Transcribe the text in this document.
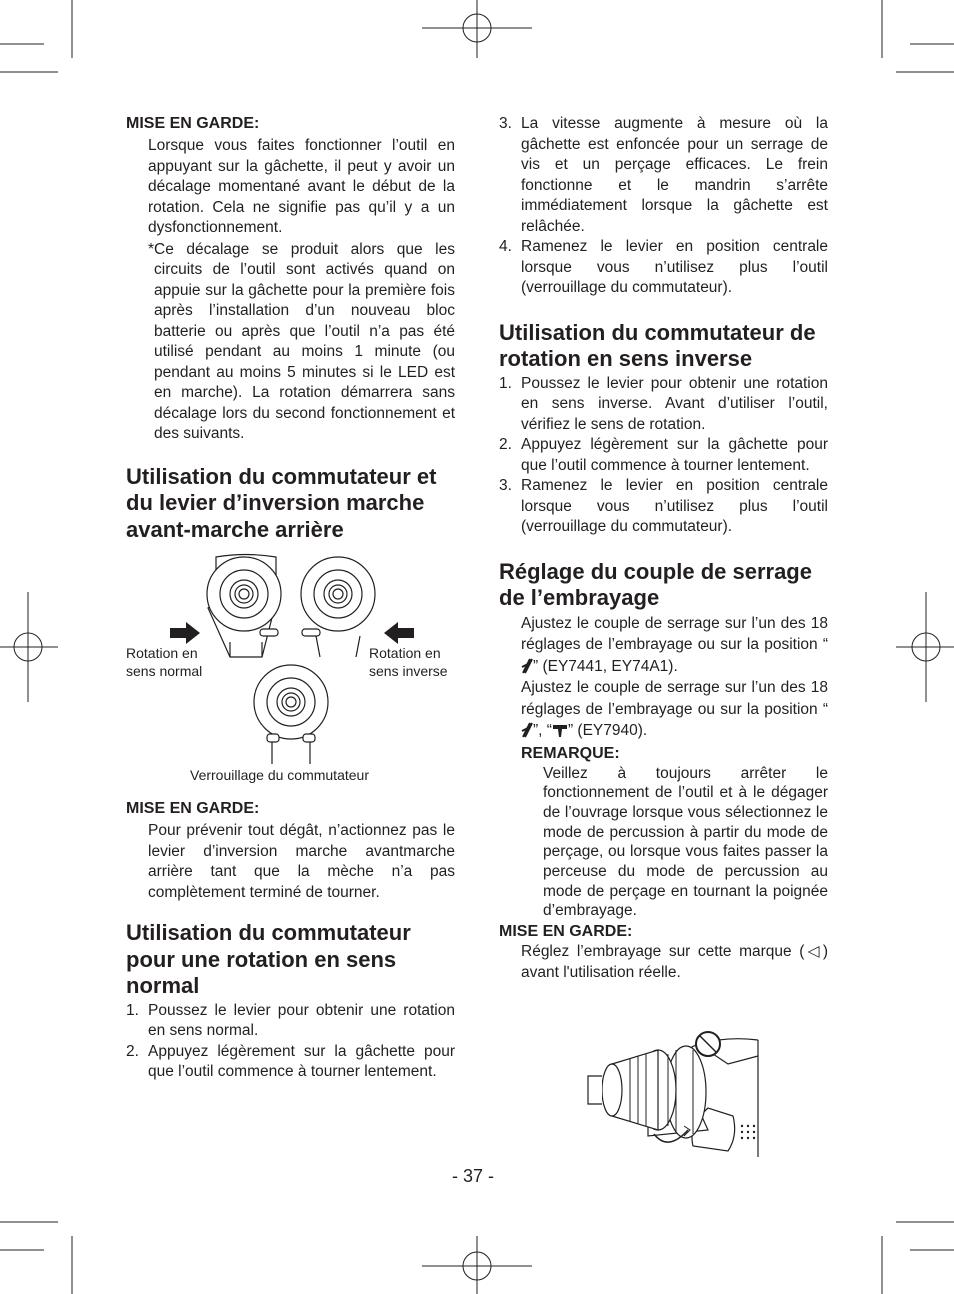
MISE EN GARDE:
Lorsque vous faites fonctionner l’outil en appuyant sur la gâchette, il peut y avoir un décalage momentané avant le début de la rotation. Cela ne signifie pas qu’il y a un dysfonctionnement.
*Ce décalage se produit alors que les circuits de l’outil sont activés quand on appuie sur la gâchette pour la première fois après l’installation d’un nouveau bloc batterie ou après que l’outil n’a pas été utilisé pendant au moins 1 minute (ou pendant au moins 5 minutes si le LED est en marche). La rotation démarrera sans décalage lors du second fonctionnement et des suivants.
Utilisation du commutateur et du levier d’inversion marche avant-marche arrière
Rotation en
sens normal
Rotation en
sens inverse
Verrouillage du commutateur
MISE EN GARDE:
Pour prévenir tout dégât, n’actionnez pas le levier d’inversion marche avantmarche arrière tant que la mèche n’a pas complètement terminé de tourner.
Utilisation du commutateur pour une rotation en sens normal
1. Poussez le levier pour obtenir une rotation en sens normal.
2. Appuyez légèrement sur la gâchette pour que l’outil commence à tourner lentement.
3. La vitesse augmente à mesure où la gâchette est enfoncée pour un serrage de vis et un perçage efficaces. Le frein fonctionne et le mandrin s’arrête immédiatement lorsque la gâchette est relâchée.
4. Ramenez le levier en position centrale lorsque vous n’utilisez plus l’outil (verrouillage du commutateur).
Utilisation du commutateur de rotation en sens inverse
1. Poussez le levier pour obtenir une rotation en sens inverse. Avant d’utiliser l’outil, vérifiez le sens de rotation.
2. Appuyez légèrement sur la gâchette pour que l’outil commence à tourner lentement.
3. Ramenez le levier en position centrale lorsque vous n’utilisez plus l’outil (verrouillage du commutateur).
Réglage du couple de serrage de l’embrayage
Ajustez le couple de serrage sur l’un des 18 réglages de l’embrayage ou sur la position “” (EY7441, EY74A1).
Ajustez le couple de serrage sur l’un des 18 réglages de l’embrayage ou sur la position “”, “ ” (EY7940).
REMARQUE:
Veillez à toujours arrêter le fonctionnement de l’outil et à le dégager de l’ouvrage lorsque vous sélectionnez le mode de percussion à partir du mode de perçage, ou lorsque vous faites passer la perceuse du mode de percussion au mode de perçage en tournant la poignée d’embrayage.
MISE EN GARDE:
Réglez l’embrayage sur cette marque (◁) avant l'utilisation réelle.
- 37 -
